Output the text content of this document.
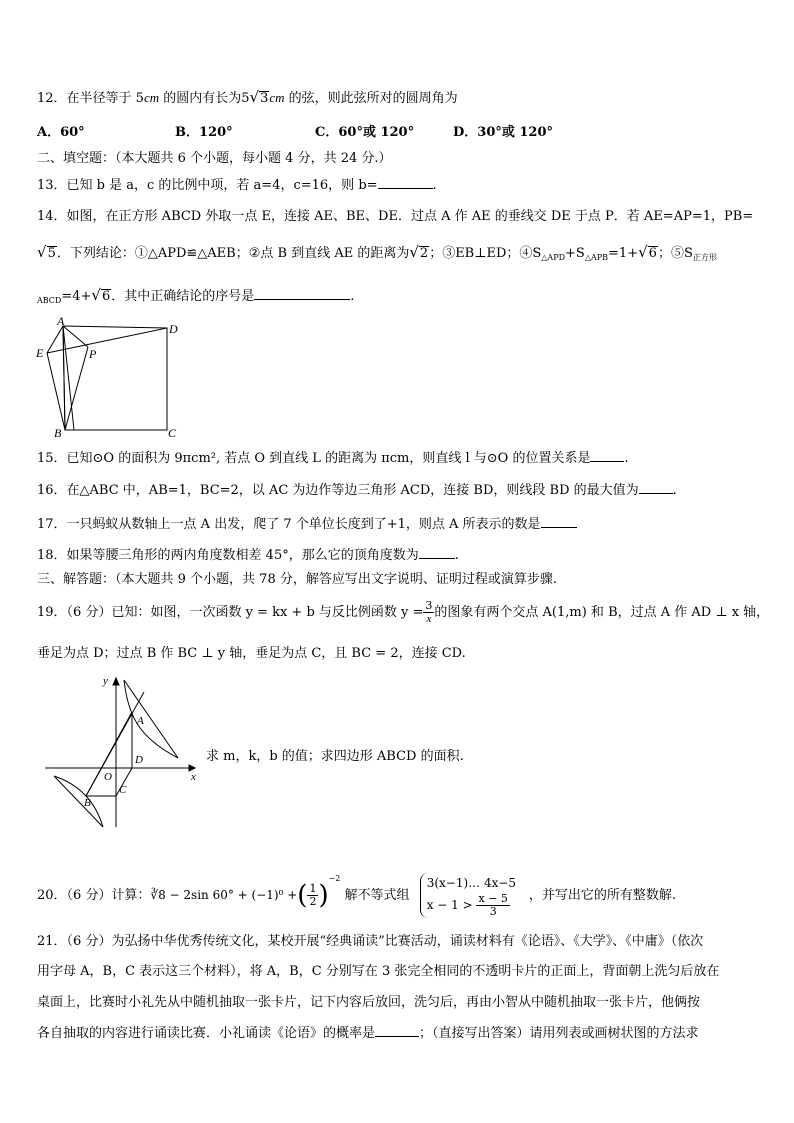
12．在半径等于 5cm 的圆内有长为5√3cm 的弦，则此弦所对的圆周角为
A．60°	B．120°	C．60°或 120°	D．30°或 120°
二、填空题：（本大题共 6 个小题，每小题 4 分，共 24 分.）
13．已知 b 是 a，c 的比例中项，若 a=4，c=16，则 b=	.
14．如图，在正方形 ABCD 外取一点 E，连接 AE、BE、DE．过点 A 作 AE 的垂线交 DE 于点 P．若 AE=AP=1，PB=
√5．下列结论：①△APD≌△AEB；②点 B 到直线 AE 的距离为√2；③EB⊥ED；$④S_{\triangle APD}+S_{\triangle APB}=1+√6$；$⑤S_{正方形}$
$_{ABCD}$=4+√6．其中正确结论的序号是	.
A
E	P
D
B	C
15．已知⊙O 的面积为 9πcm², 若点 O 到直线 L 的距离为 πcm，则直线 l 与⊙O 的位置关系是	.
16．在△ABC 中，AB=1，BC=2，以 AC 为边作等边三角形 ACD，连接 BD，则线段 BD 的最大值为	.
17．一只蚂蚁从数轴上一点 A 出发，爬了 7 个单位长度到了+1，则点 A 所表示的数是
18．如果等腰三角形的两内角度数相差 45°，那么它的顶角度数为	.
三、解答题：（本大题共 9 个小题，共 78 分，解答应写出文字说明、证明过程或演算步骤.
19．（6 分）已知：如图，一次函数 y = kx + b 与反比例函数 $y = \frac{3}{x}$ 的图象有两个交点 A(1,m) 和 B，过点 A 作 AD ⊥ x 轴，
垂足为点 D；过点 B 作 BC ⊥ y 轴，垂足为点 C，且 BC = 2，连接 CD.
y
x
O
A
D
B
C
求 m，k，b 的值；求四边形 ABCD 的面积.
20．（6 分）计算：∛8 − 2sin 60° + (−1)⁰ +( $\frac{1}{2} )^{-2}$ 解不等式组
3(x−1)… 4x−5
$x - 1 > \frac{x - 5}{3}$ ，并写出它的所有整数解.
21．（6 分）为弘扬中华优秀传统文化，某校开展“经典诵读”比赛活动，诵读材料有《论语》、《大学》、《中庸》（依次
用字母 A，B，C 表示这三个材料），将 A，B，C 分别写在 3 张完全相同的不透明卡片的正面上，背面朝上洗匀后放在
桌面上，比赛时小礼先从中随机抽取一张卡片，记下内容后放回，洗匀后，再由小智从中随机抽取一张卡片，他俩按
各自抽取的内容进行诵读比赛．小礼诵读《论语》的概率是	；（直接写出答案）请用列表或画树状图的方法求
